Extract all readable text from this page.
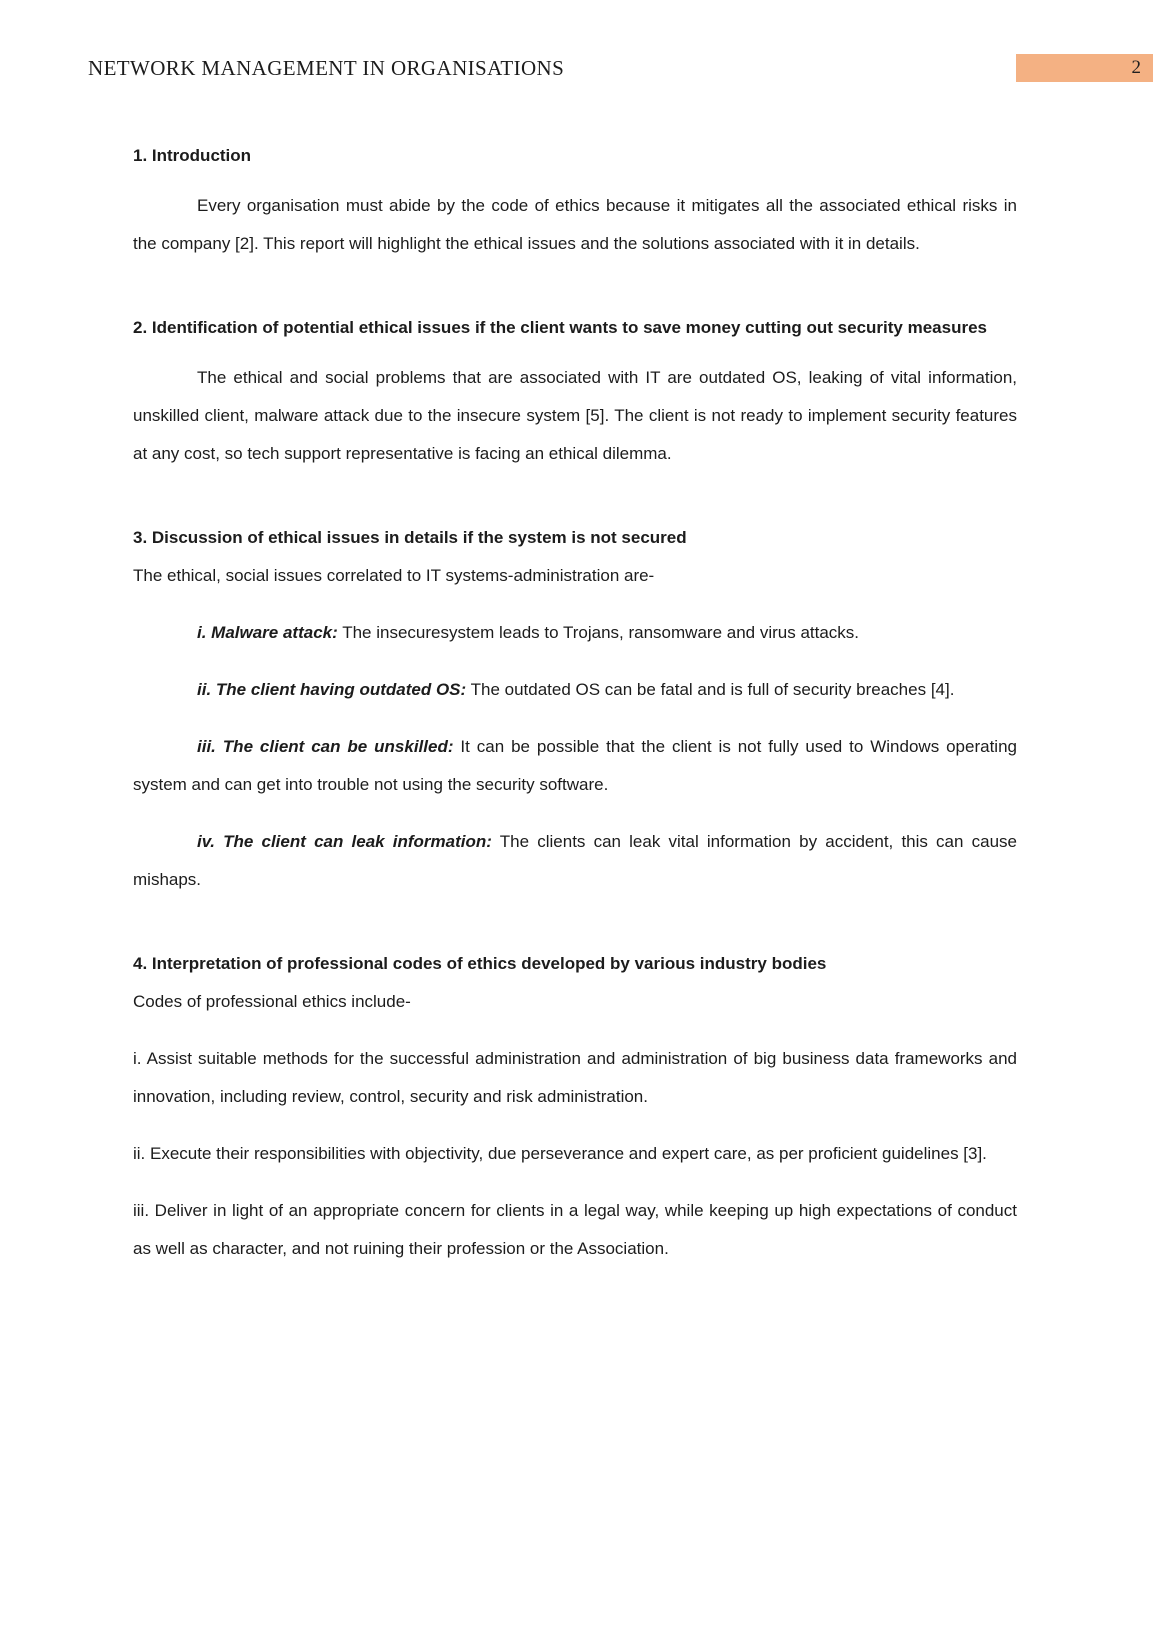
NETWORK MANAGEMENT IN ORGANISATIONS	2
1. Introduction

Every organisation must abide by the code of ethics because it mitigates all the associated ethical risks in the company [2]. This report will highlight the ethical issues and the solutions associated with it in details.

2. Identification of potential ethical issues if the client wants to save money cutting out security measures

The ethical and social problems that are associated with IT are outdated OS, leaking of vital information, unskilled client, malware attack due to the insecure system [5]. The client is not ready to implement security features at any cost, so tech support representative is facing an ethical dilemma.

3. Discussion of ethical issues in details if the system is not secured

The ethical, social issues correlated to IT systems-administration are-

i. Malware attack: The insecuresystem leads to Trojans, ransomware and virus attacks.

ii. The client having outdated OS: The outdated OS can be fatal and is full of security breaches [4].

iii. The client can be unskilled: It can be possible that the client is not fully used to Windows operating system and can get into trouble not using the security software.

iv. The client can leak information: The clients can leak vital information by accident, this can cause mishaps.

4. Interpretation of professional codes of ethics developed by various industry bodies

Codes of professional ethics include-

i. Assist suitable methods for the successful administration and administration of big business data frameworks and innovation, including review, control, security and risk administration.

ii. Execute their responsibilities with objectivity, due perseverance and expert care, as per proficient guidelines [3].

iii. Deliver in light of an appropriate concern for clients in a legal way, while keeping up high expectations of conduct as well as character, and not ruining their profession or the Association.
